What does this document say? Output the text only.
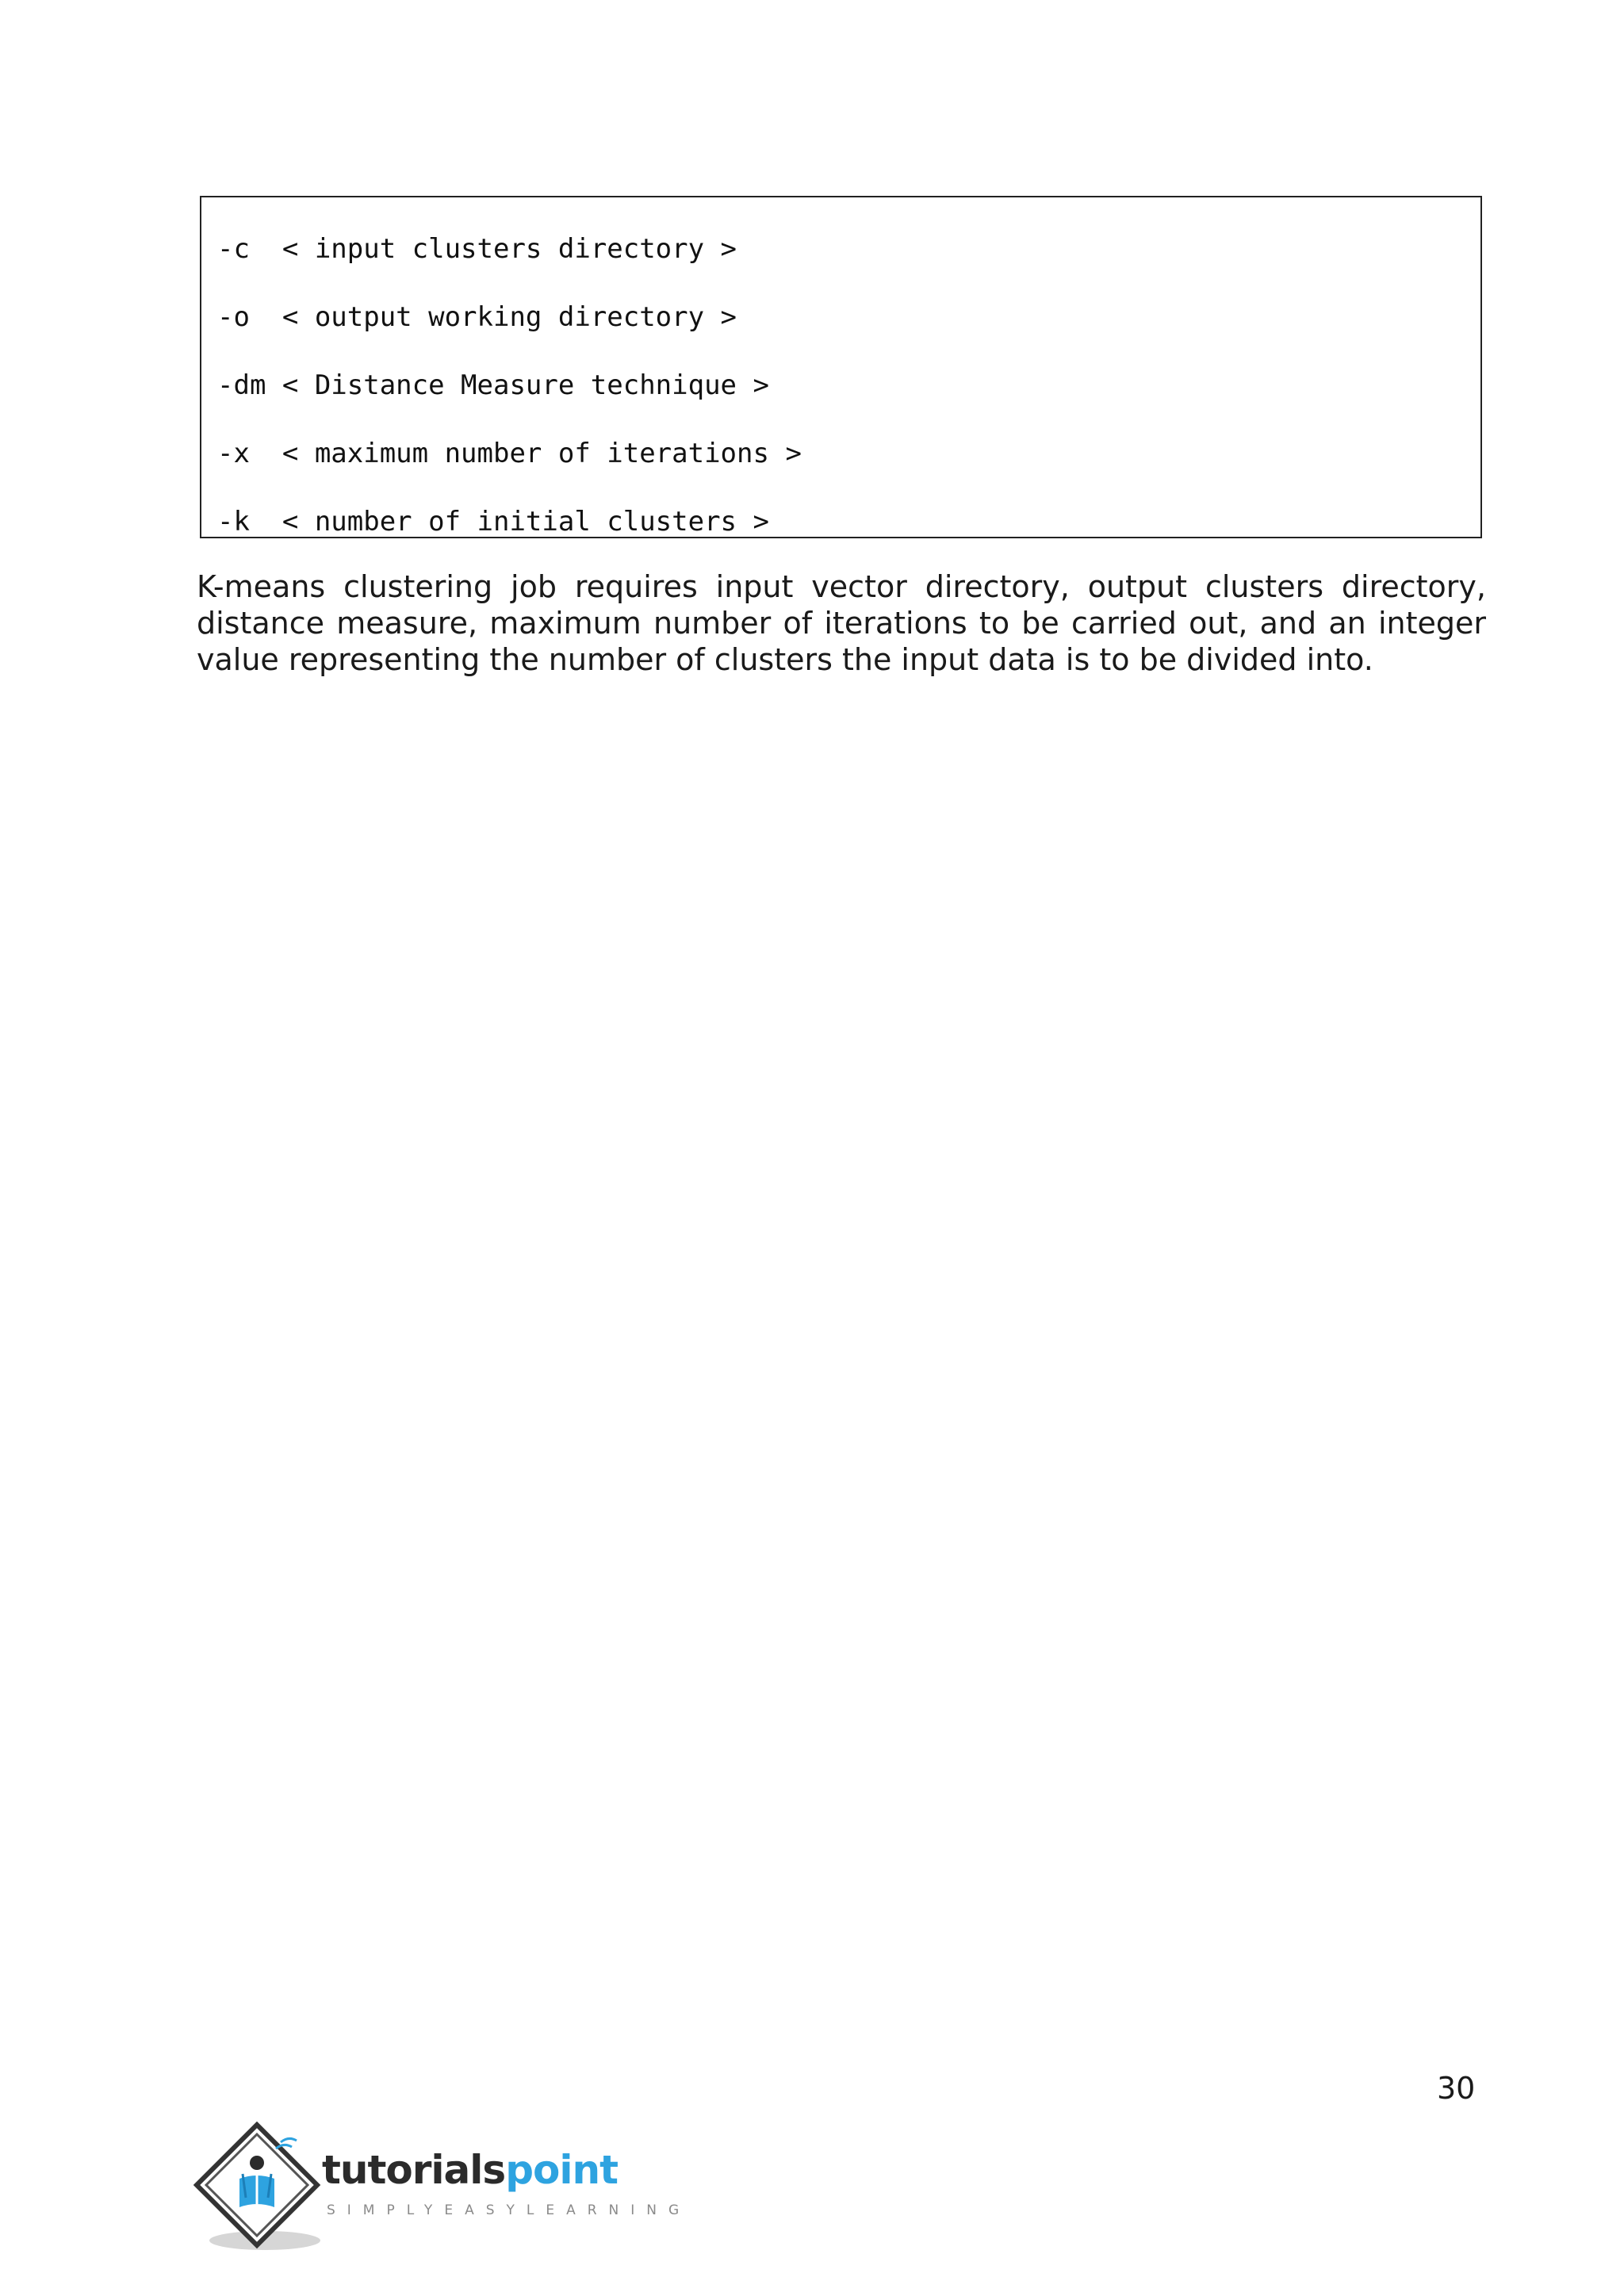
-c  < input clusters directory >
-o  < output working directory >
-dm < Distance Measure technique >
-x  < maximum number of iterations >
-k  < number of initial clusters >

K-means clustering job requires input vector directory, output clusters directory, distance measure, maximum number of iterations to be carried out, and an integer value representing the number of clusters the input data is to be divided into.

30
tutorialspoint
SIMPLYEASYLEARNING
